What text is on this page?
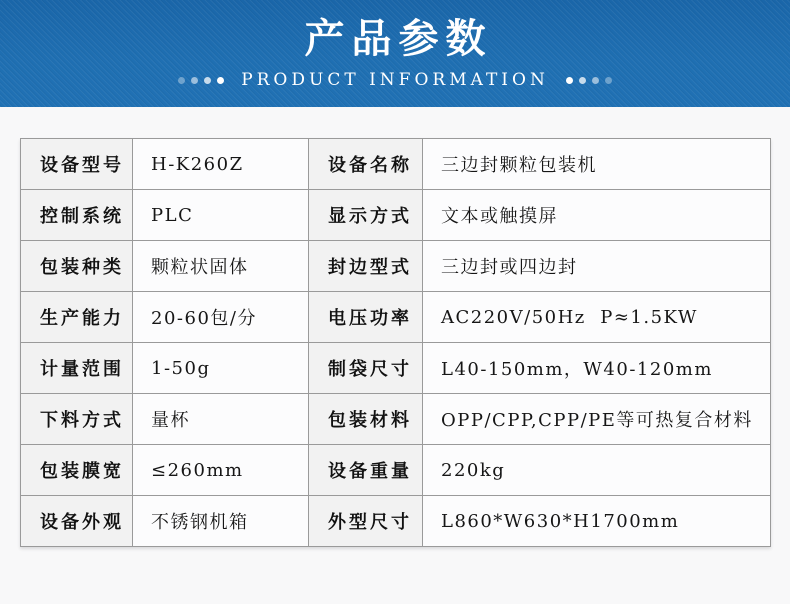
产品参数
PRODUCT INFORMATION
设备型号	H-K260Z	设备名称	三边封颗粒包装机
控制系统	PLC	显示方式	文本或触摸屏
包装种类	颗粒状固体	封边型式	三边封或四边封
生产能力	20-60包/分	电压功率	AC220V/50Hz  P≈1.5KW
计量范围	1-50g	制袋尺寸	L40-150mm，W40-120mm
下料方式	量杯	包装材料	OPP/CPP,CPP/PE等可热复合材料
包装膜宽	≤260mm	设备重量	220kg
设备外观	不锈钢机箱	外型尺寸	L860*W630*H1700mm
